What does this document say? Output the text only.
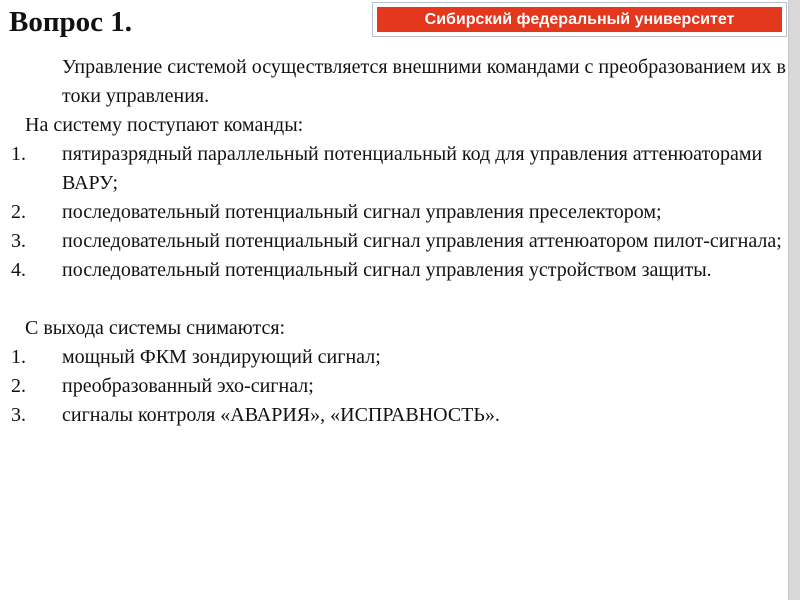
Вопрос 1.	Сибирский федеральный университет
Управление системой осуществляется внешними командами с преобразованием их в токи управления.
На систему поступают команды:
1. пятиразрядный параллельный потенциальный код для управления аттенюаторами ВАРУ;
2. последовательный потенциальный сигнал управления преселектором;
3. последовательный потенциальный сигнал управления аттенюатором пилот-сигнала;
4. последовательный потенциальный сигнал управления устройством защиты.
С выхода системы снимаются:
1. мощный ФКМ зондирующий сигнал;
2. преобразованный эхо-сигнал;
3. сигналы контроля «АВАРИЯ», «ИСПРАВНОСТЬ».
